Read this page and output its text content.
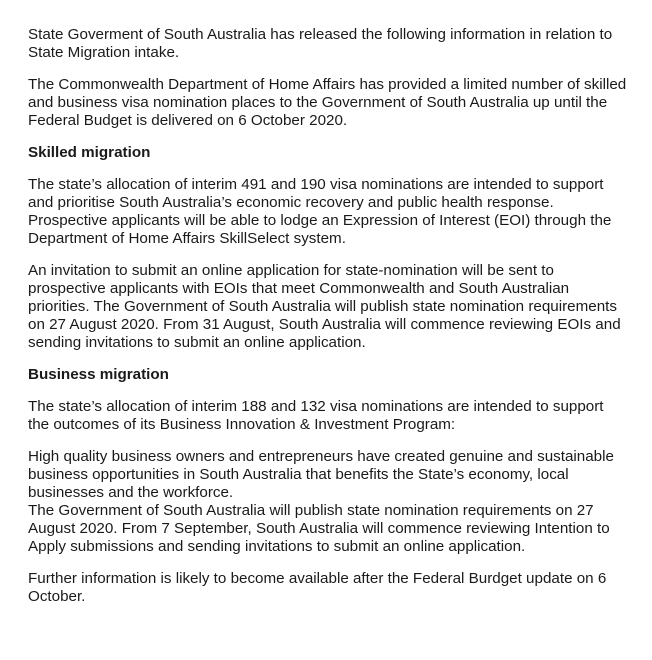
State Goverment of South Australia has released the following information in relation to State Migration intake.

The Commonwealth Department of Home Affairs has provided a limited number of skilled and business visa nomination places to the Government of South Australia up until the Federal Budget is delivered on 6 October 2020.

Skilled migration

The state’s allocation of interim 491 and 190 visa nominations are intended to support and prioritise South Australia’s economic recovery and public health response. Prospective applicants will be able to lodge an Expression of Interest (EOI) through the Department of Home Affairs SkillSelect system.

An invitation to submit an online application for state-nomination will be sent to prospective applicants with EOIs that meet Commonwealth and South Australian priorities. The Government of South Australia will publish state nomination requirements on 27 August 2020. From 31 August, South Australia will commence reviewing EOIs and sending invitations to submit an online application.

Business migration

The state’s allocation of interim 188 and 132 visa nominations are intended to support the outcomes of its Business Innovation & Investment Program:

High quality business owners and entrepreneurs have created genuine and sustainable business opportunities in South Australia that benefits the State’s economy, local businesses and the workforce.

The Government of South Australia will publish state nomination requirements on 27 August 2020. From 7 September, South Australia will commence reviewing Intention to Apply submissions and sending invitations to submit an online application.

Further information is likely to become available after the Federal Burdget update on 6 October.
